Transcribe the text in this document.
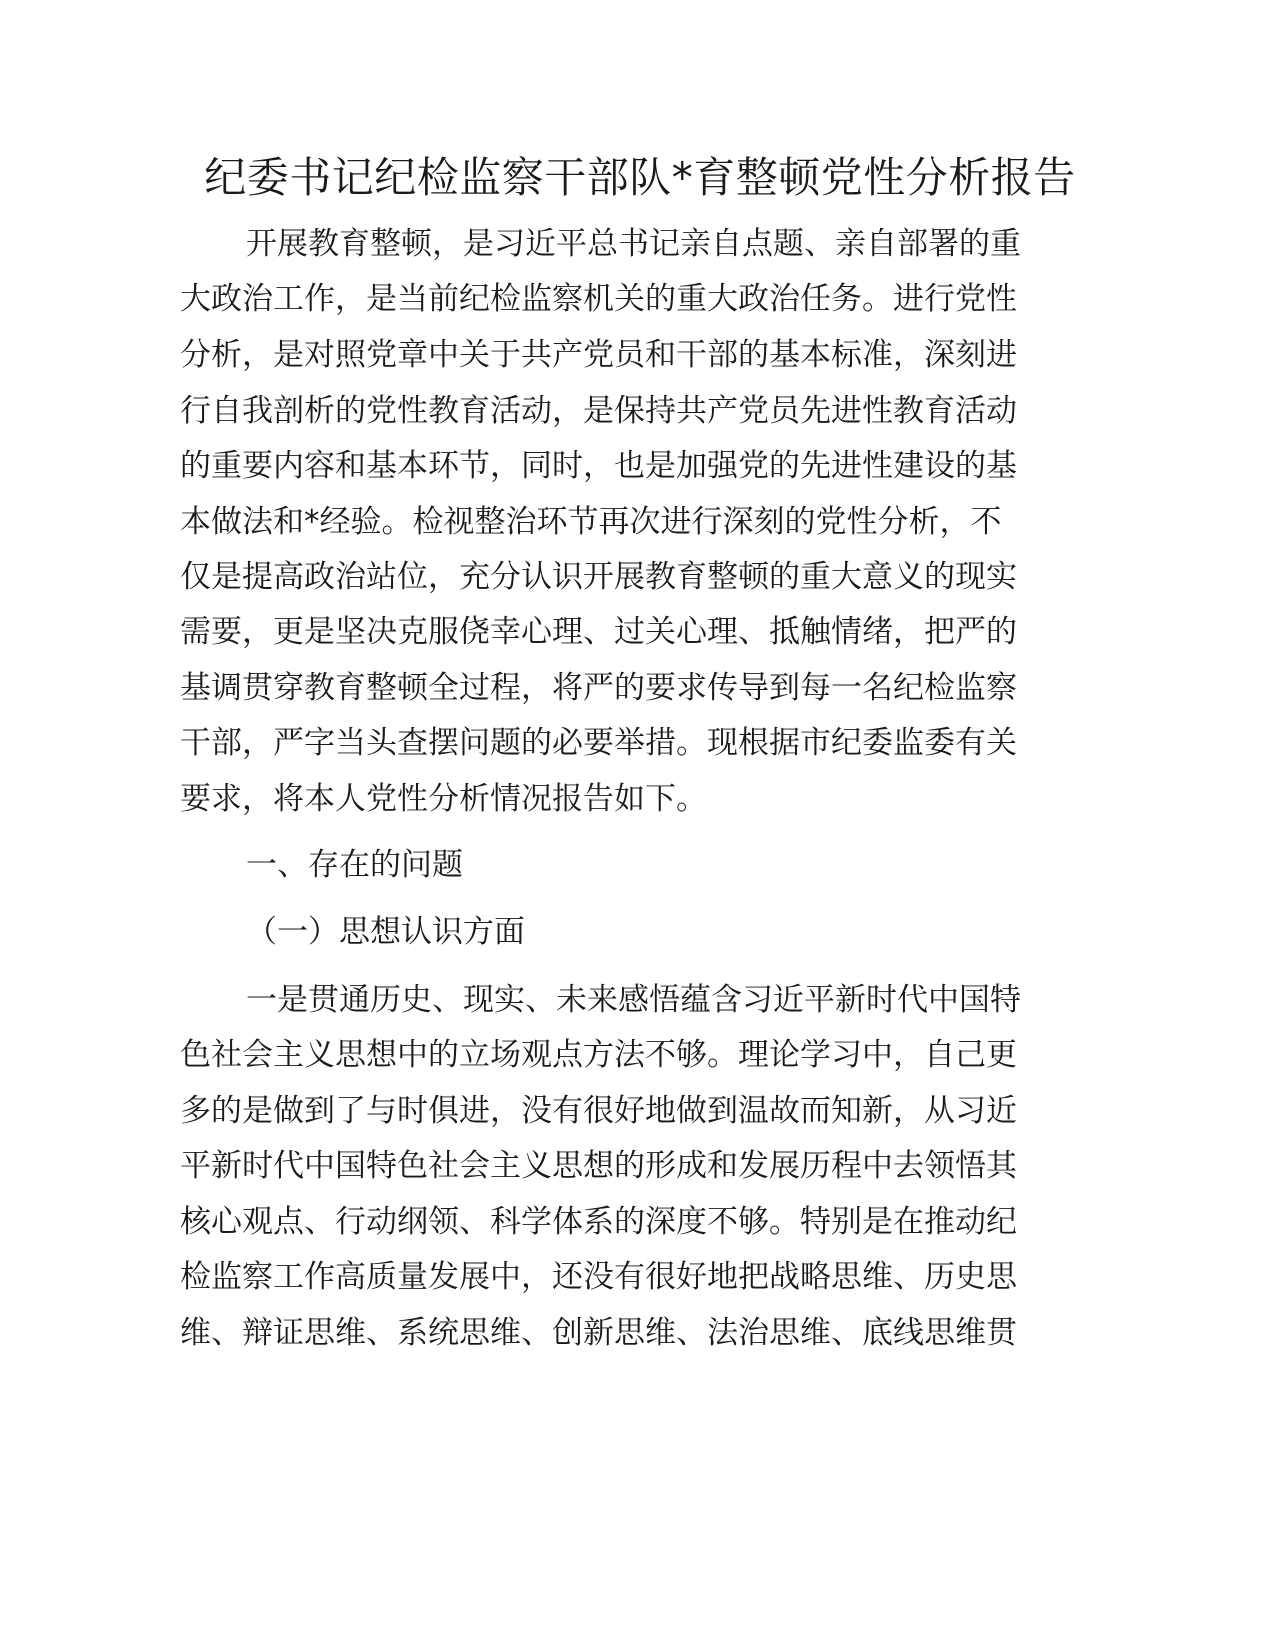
纪委书记纪检监察干部队*育整顿党性分析报告
开展教育整顿，是习近平总书记亲自点题、亲自部署的重
大政治工作，是当前纪检监察机关的重大政治任务。进行党性
分析，是对照党章中关于共产党员和干部的基本标准，深刻进
行自我剖析的党性教育活动，是保持共产党员先进性教育活动
的重要内容和基本环节，同时，也是加强党的先进性建设的基
本做法和*经验。检视整治环节再次进行深刻的党性分析，不
仅是提高政治站位，充分认识开展教育整顿的重大意义的现实
需要，更是坚决克服侥幸心理、过关心理、抵触情绪，把严的
基调贯穿教育整顿全过程，将严的要求传导到每一名纪检监察
干部，严字当头查摆问题的必要举措。现根据市纪委监委有关
要求，将本人党性分析情况报告如下。
一、存在的问题
（一）思想认识方面
一是贯通历史、现实、未来感悟蕴含习近平新时代中国特
色社会主义思想中的立场观点方法不够。理论学习中，自己更
多的是做到了与时俱进，没有很好地做到温故而知新，从习近
平新时代中国特色社会主义思想的形成和发展历程中去领悟其
核心观点、行动纲领、科学体系的深度不够。特别是在推动纪
检监察工作高质量发展中，还没有很好地把战略思维、历史思
维、辩证思维、系统思维、创新思维、法治思维、底线思维贯
